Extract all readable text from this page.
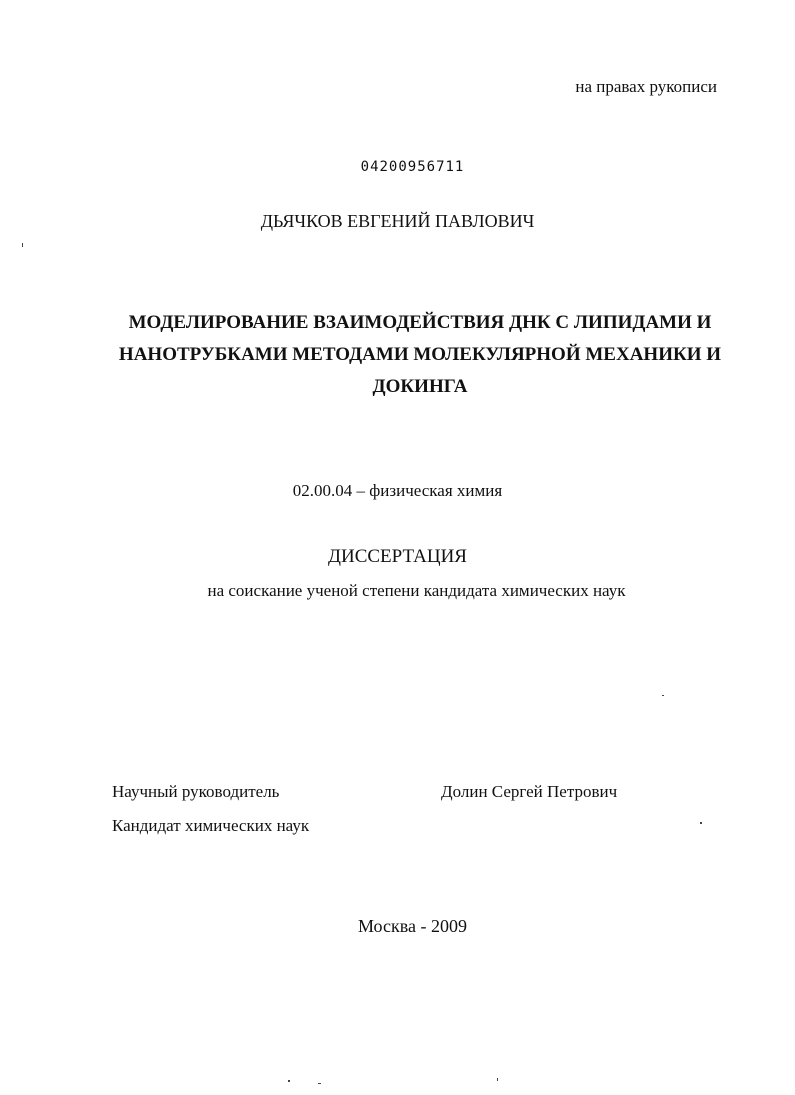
на правах рукописи
04200956711
ДЬЯЧКОВ ЕВГЕНИЙ ПАВЛОВИЧ
МОДЕЛИРОВАНИЕ ВЗАИМОДЕЙСТВИЯ ДНК С ЛИПИДАМИ И
НАНОТРУБКАМИ МЕТОДАМИ МОЛЕКУЛЯРНОЙ МЕХАНИКИ И
ДОКИНГА
02.00.04 – физическая химия
ДИССЕРТАЦИЯ
на соискание ученой степени кандидата химических наук
Научный руководитель
Кандидат химических наук
Долин Сергей Петрович
Москва - 2009
